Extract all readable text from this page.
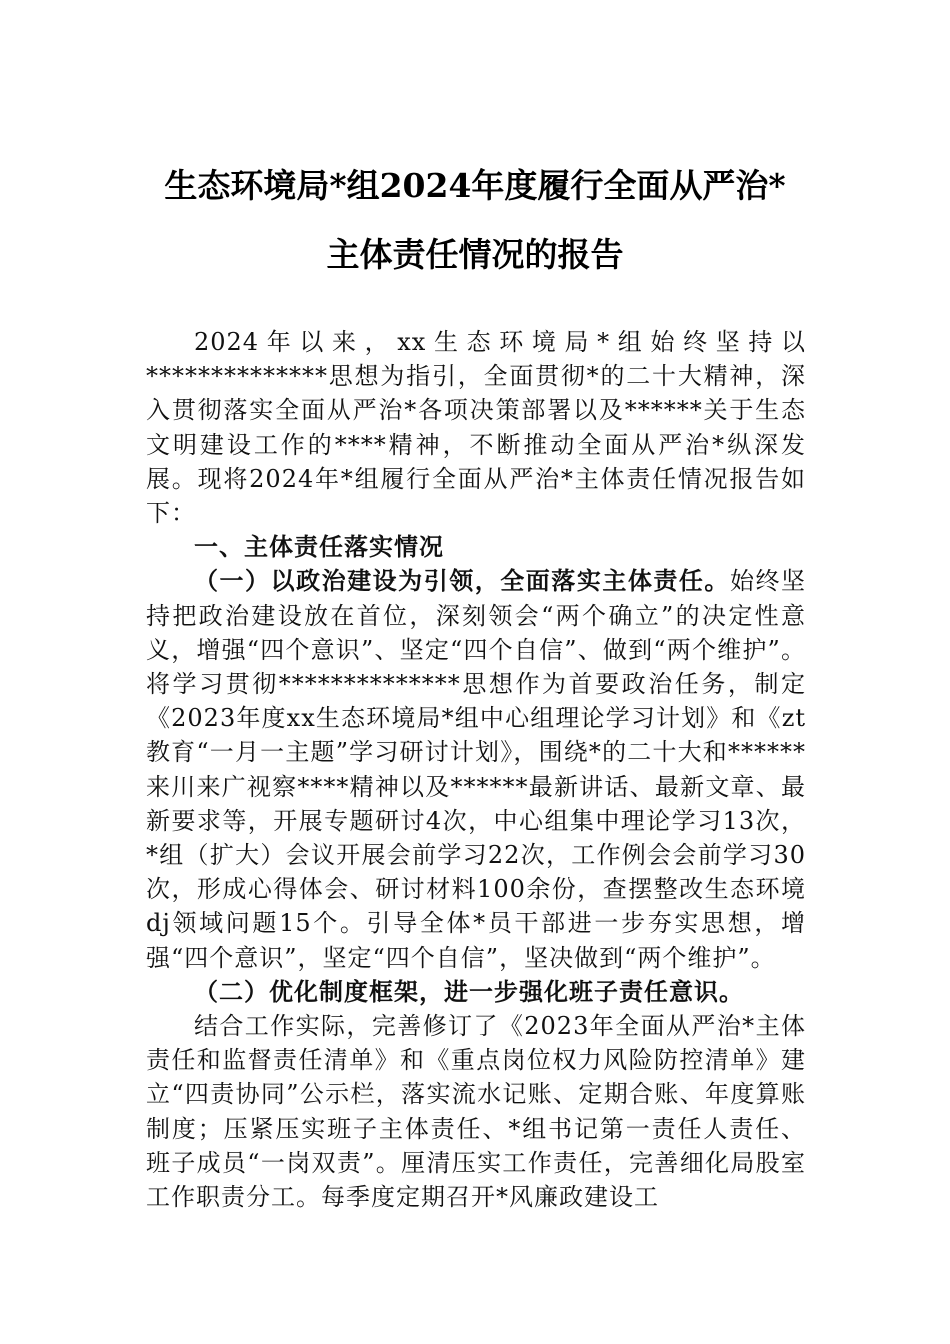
生态环境局*组2024年度履行全面从严治*
主体责任情况的报告

2024年以来，xx生态环境局*组始终坚持以**************思想为指引，全面贯彻*的二十大精神，深入贯彻落实全面从严治*各项决策部署以及******关于生态文明建设工作的****精神，不断推动全面从严治*纵深发展。现将2024年*组履行全面从严治*主体责任情况报告如下：

一、主体责任落实情况

（一）以政治建设为引领，全面落实主体责任。始终坚持把政治建设放在首位，深刻领会“两个确立”的决定性意义，增强“四个意识”、坚定“四个自信”、做到“两个维护”。将学习贯彻**************思想作为首要政治任务，制定《2023年度xx生态环境局*组中心组理论学习计划》和《zt教育“一月一主题”学习研讨计划》，围绕*的二十大和******来川来广视察****精神以及******最新讲话、最新文章、最新要求等，开展专题研讨4次，中心组集中理论学习13次，*组（扩大）会议开展会前学习22次，工作例会会前学习30次，形成心得体会、研讨材料100余份，查摆整改生态环境dj领域问题15个。引导全体*员干部进一步夯实思想，增强“四个意识”，坚定“四个自信”，坚决做到“两个维护”。

（二）优化制度框架，进一步强化班子责任意识。

结合工作实际，完善修订了《2023年全面从严治*主体责任和监督责任清单》和《重点岗位权力风险防控清单》建立“四责协同”公示栏，落实流水记账、定期合账、年度算账制度；压紧压实班子主体责任、*组书记第一责任人责任、班子成员“一岗双责”。厘清压实工作责任，完善细化局股室工作职责分工。每季度定期召开*风廉政建设工
